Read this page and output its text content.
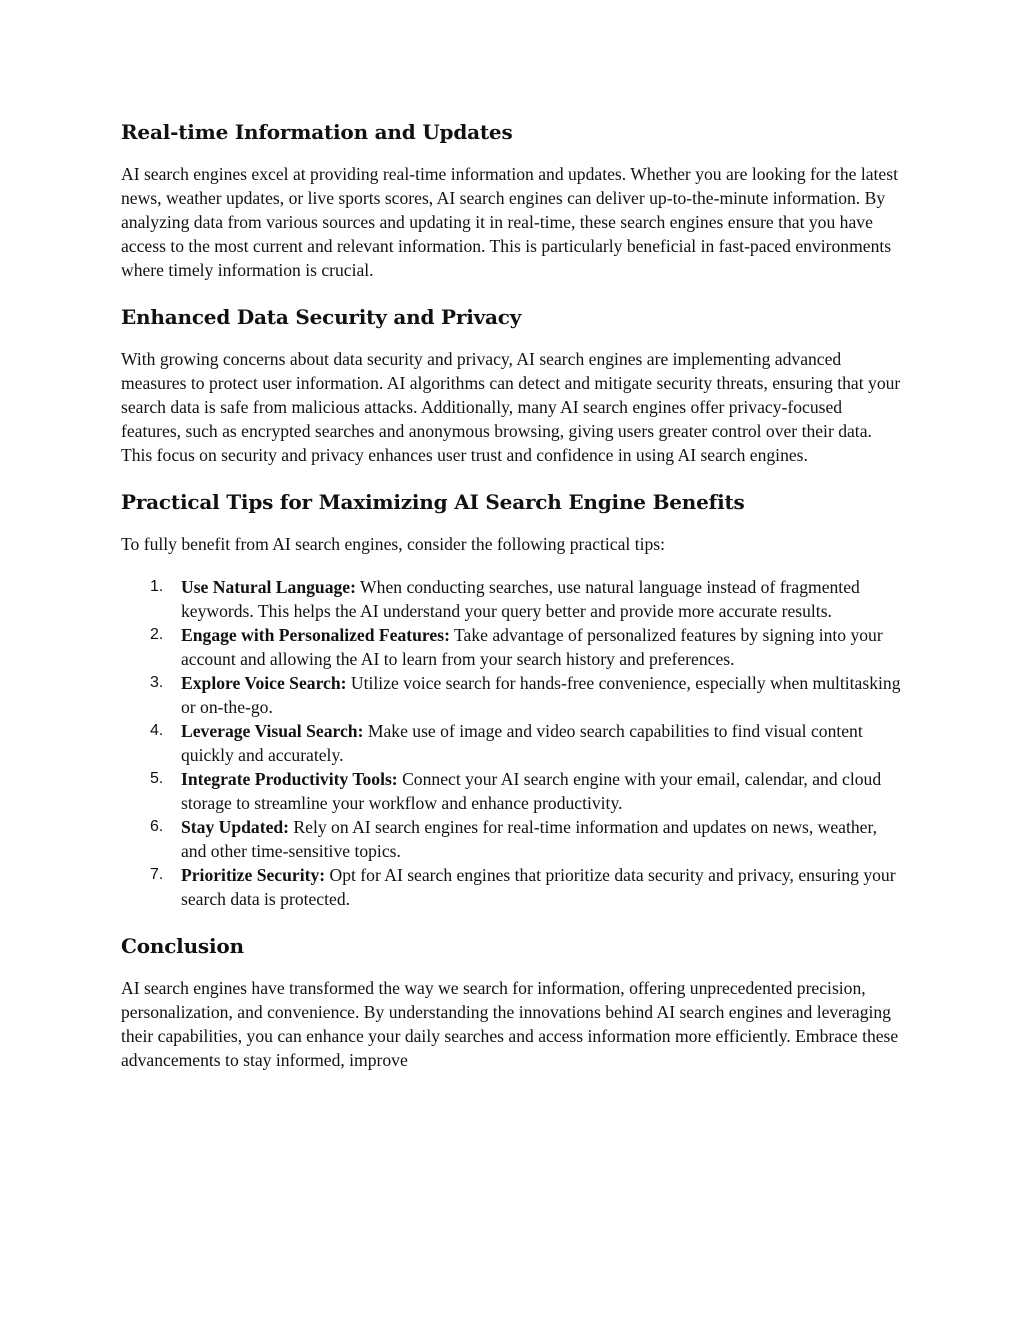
Real-time Information and Updates

AI search engines excel at providing real-time information and updates. Whether you are looking for the latest news, weather updates, or live sports scores, AI search engines can deliver up-to-the-minute information. By analyzing data from various sources and updating it in real-time, these search engines ensure that you have access to the most current and relevant information. This is particularly beneficial in fast-paced environments where timely information is crucial.

Enhanced Data Security and Privacy

With growing concerns about data security and privacy, AI search engines are implementing advanced measures to protect user information. AI algorithms can detect and mitigate security threats, ensuring that your search data is safe from malicious attacks. Additionally, many AI search engines offer privacy-focused features, such as encrypted searches and anonymous browsing, giving users greater control over their data. This focus on security and privacy enhances user trust and confidence in using AI search engines.

Practical Tips for Maximizing AI Search Engine Benefits

To fully benefit from AI search engines, consider the following practical tips:

1. Use Natural Language: When conducting searches, use natural language instead of fragmented keywords. This helps the AI understand your query better and provide more accurate results.
2. Engage with Personalized Features: Take advantage of personalized features by signing into your account and allowing the AI to learn from your search history and preferences.
3. Explore Voice Search: Utilize voice search for hands-free convenience, especially when multitasking or on-the-go.
4. Leverage Visual Search: Make use of image and video search capabilities to find visual content quickly and accurately.
5. Integrate Productivity Tools: Connect your AI search engine with your email, calendar, and cloud storage to streamline your workflow and enhance productivity.
6. Stay Updated: Rely on AI search engines for real-time information and updates on news, weather, and other time-sensitive topics.
7. Prioritize Security: Opt for AI search engines that prioritize data security and privacy, ensuring your search data is protected.
Conclusion

AI search engines have transformed the way we search for information, offering unprecedented precision, personalization, and convenience. By understanding the innovations behind AI search engines and leveraging their capabilities, you can enhance your daily searches and access information more efficiently. Embrace these advancements to stay informed, improve
